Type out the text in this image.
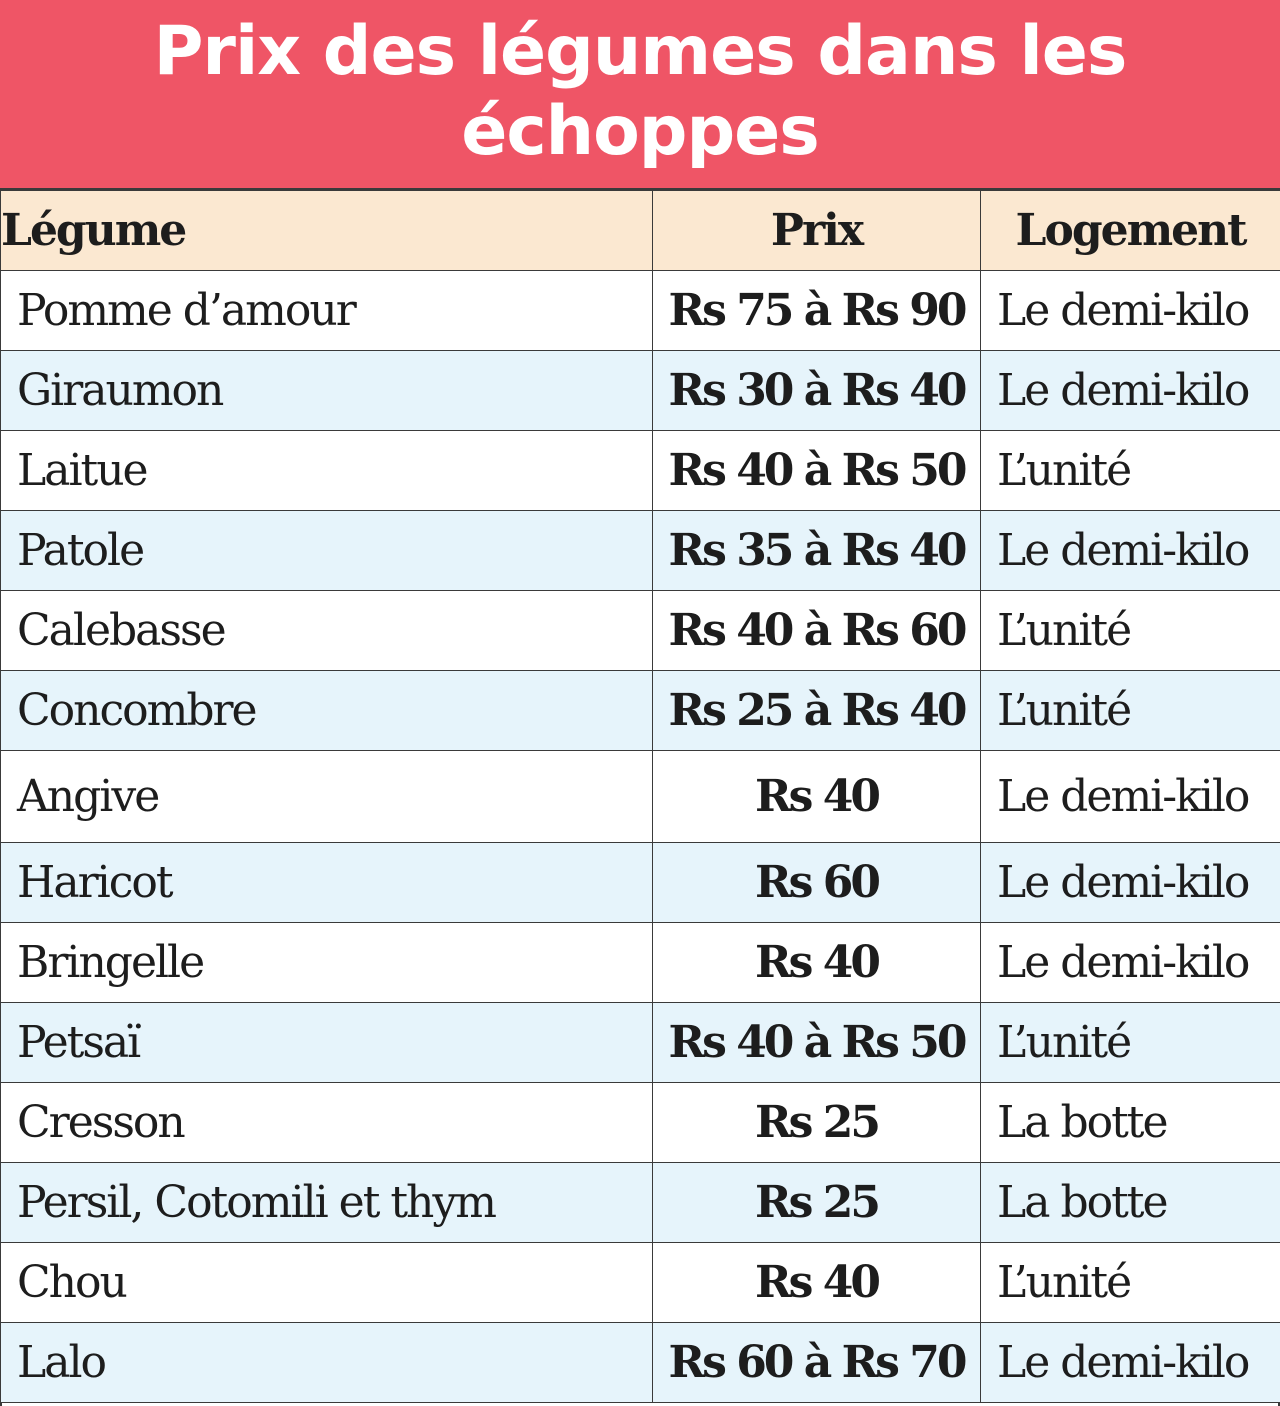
Prix des légumes dans les échoppes
Légume	Prix	Logement
Pomme d’amour	Rs 75 à Rs 90	Le demi-kilo
Giraumon	Rs 30 à Rs 40	Le demi-kilo
Laitue	Rs 40 à Rs 50	L’unité
Patole	Rs 35 à Rs 40	Le demi-kilo
Calebasse	Rs 40 à Rs 60	L’unité
Concombre	Rs 25 à Rs 40	L’unité
Angive	Rs 40	Le demi-kilo
Haricot	Rs 60	Le demi-kilo
Bringelle	Rs 40	Le demi-kilo
Petsaï	Rs 40 à Rs 50	L’unité
Cresson	Rs 25	La botte
Persil, Cotomili et thym	Rs 25	La botte
Chou	Rs 40	L’unité
Lalo	Rs 60 à Rs 70	Le demi-kilo
